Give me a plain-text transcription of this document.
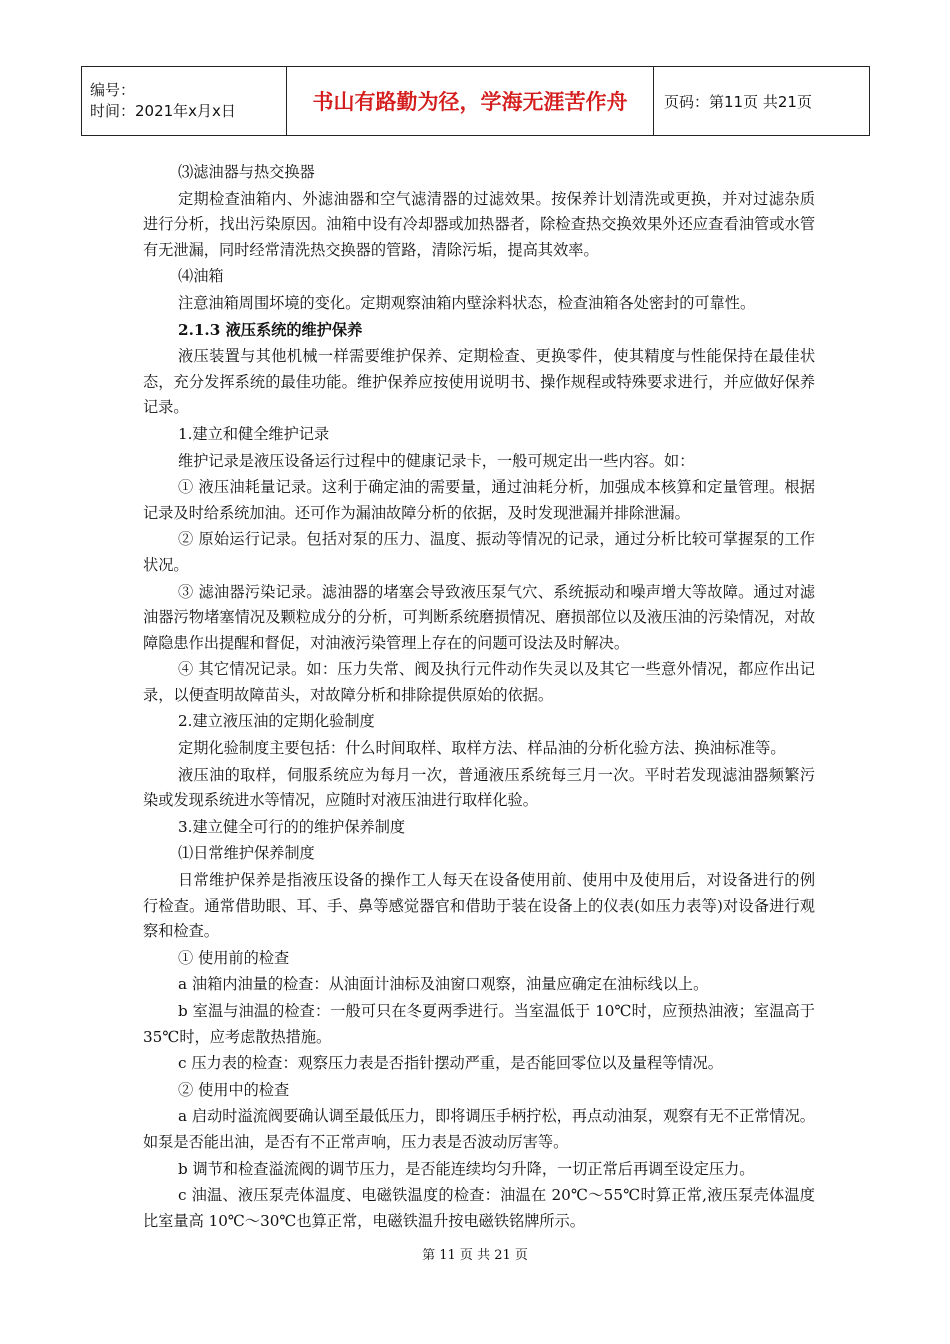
编号：
时间：2021年x月x日	书山有路勤为径，学海无涯苦作舟 页码：第11页 共21页

⑶滤油器与热交换器

定期检查油箱内、外滤油器和空气滤清器的过滤效果。按保养计划清洗或更换，并对过滤杂质进行分析，找出污染原因。油箱中设有冷却器或加热器者，除检查热交换效果外还应查看油管或水管有无泄漏，同时经常清洗热交换器的管路，清除污垢，提高其效率。

⑷油箱

注意油箱周围坏境的变化。定期观察油箱内壁涂料状态，检查油箱各处密封的可靠性。

2.1.3 液压系统的维护保养

液压装置与其他机械一样需要维护保养、定期检查、更换零件，使其精度与性能保持在最佳状态，充分发挥系统的最佳功能。维护保养应按使用说明书、操作规程或特殊要求进行，并应做好保养记录。

1.建立和健全维护记录

维护记录是液压设备运行过程中的健康记录卡，一般可规定出一些内容。如：

① 液压油耗量记录。这利于确定油的需要量，通过油耗分析，加强成本核算和定量管理。根据记录及时给系统加油。还可作为漏油故障分析的依据，及时发现泄漏并排除泄漏。

② 原始运行记录。包括对泵的压力、温度、振动等情况的记录，通过分析比较可掌握泵的工作状况。

③ 滤油器污染记录。滤油器的堵塞会导致液压泵气穴、系统振动和噪声增大等故障。通过对滤油器污物堵塞情况及颗粒成分的分析，可判断系统磨损情况、磨损部位以及液压油的污染情况，对故障隐患作出提醒和督促，对油液污染管理上存在的问题可设法及时解决。

④ 其它情况记录。如：压力失常、阀及执行元件动作失灵以及其它一些意外情况，都应作出记录，以便查明故障苗头，对故障分析和排除提供原始的依据。

2.建立液压油的定期化验制度

定期化验制度主要包括：什么时间取样、取样方法、样品油的分析化验方法、换油标准等。

液压油的取样，伺服系统应为每月一次，普通液压系统每三月一次。平时若发现滤油器频繁污染或发现系统进水等情况，应随时对液压油进行取样化验。

3.建立健全可行的的维护保养制度

⑴日常维护保养制度

日常维护保养是指液压设备的操作工人每天在设备使用前、使用中及使用后，对设备进行的例行检查。通常借助眼、耳、手、鼻等感觉器官和借助于装在设备上的仪表(如压力表等)对设备进行观察和检查。

① 使用前的检查

a 油箱内油量的检查：从油面计油标及油窗口观察，油量应确定在油标线以上。

b 室温与油温的检查：一般可只在冬夏两季进行。当室温低于 10℃时，应预热油液；室温高于 35℃时，应考虑散热措施。

c 压力表的检查：观察压力表是否指针摆动严重，是否能回零位以及量程等情况。

② 使用中的检查

a 启动时溢流阀要确认调至最低压力，即将调压手柄拧松，再点动油泵，观察有无不正常情况。如泵是否能出油，是否有不正常声响，压力表是否波动厉害等。

b 调节和检查溢流阀的调节压力，是否能连续均匀升降，一切正常后再调至设定压力。

c 油温、液压泵壳体温度、电磁铁温度的检查：油温在 20℃～55℃时算正常,液压泵壳体温度比室量高 10℃～30℃也算正常，电磁铁温升按电磁铁铭牌所示。

第 11 页 共 21 页
